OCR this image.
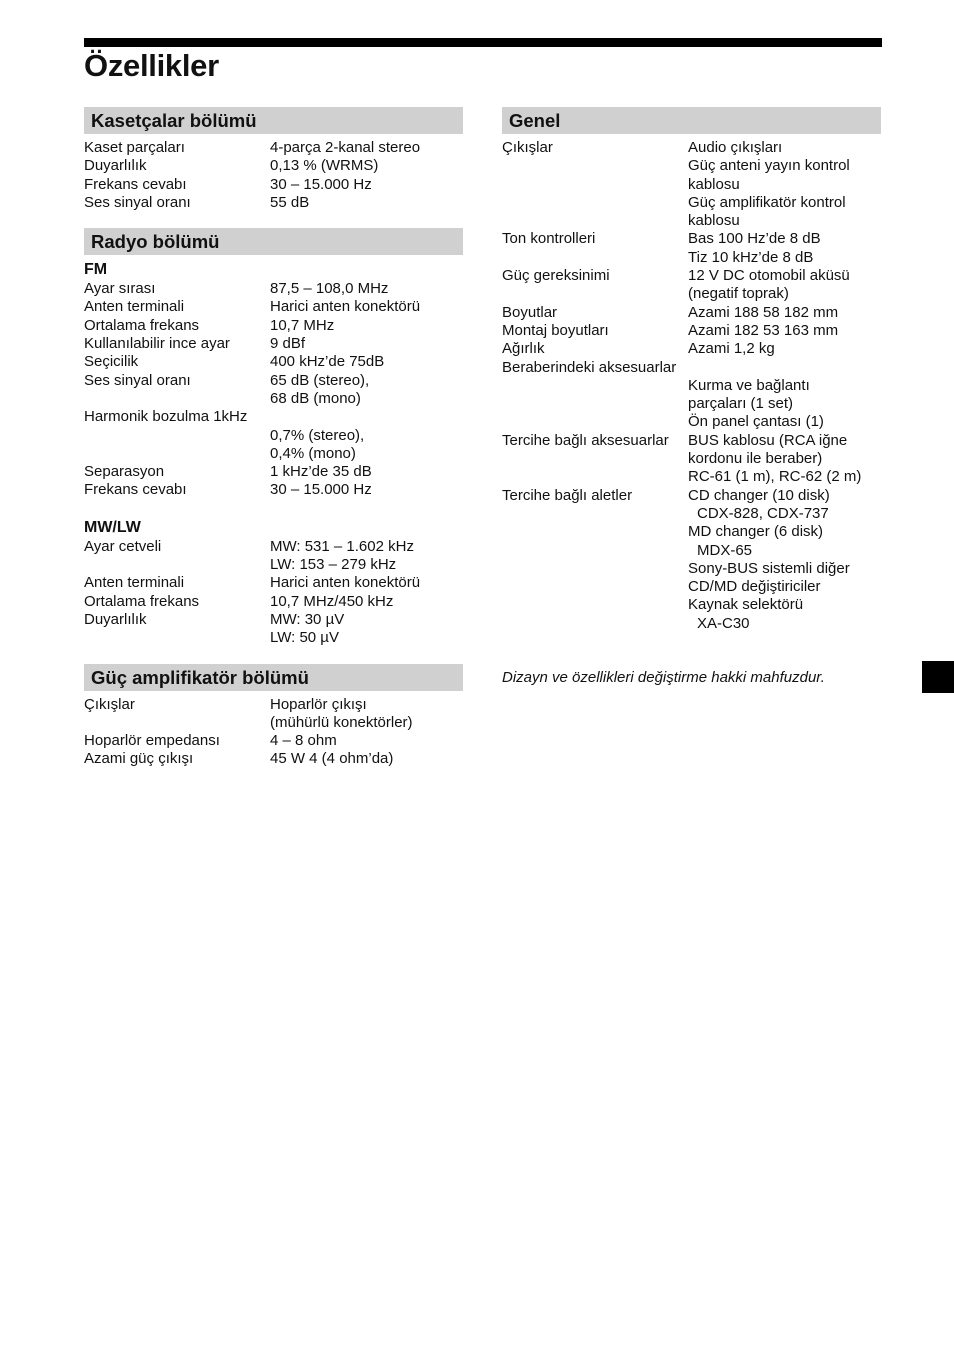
Özellikler
Kasetçalar bölümü
Kaset parçaları	4-parça 2-kanal stereo
Duyarlılık	0,13 % (WRMS)
Frekans cevabı	30 – 15.000 Hz
Ses sinyal oranı	55 dB
Radyo bölümü
FM
Ayar sırası	87,5 – 108,0 MHz
Anten terminali	Harici anten konektörü
Ortalama frekans	10,7 MHz
Kullanılabilir ince ayar	9 dBf
Seçicilik	400 kHz’de 75dB
Ses sinyal oranı	65 dB (stereo),
68 dB (mono)
Harmonik bozulma 1kHz
0,7% (stereo),
0,4% (mono)
Separasyon	1 kHz’de 35 dB
Frekans cevabı	30 – 15.000 Hz
MW/LW
Ayar cetveli	MW: 531 – 1.602 kHz
LW: 153 – 279 kHz
Anten terminali	Harici anten konektörü
Ortalama frekans	10,7 MHz/450 kHz
Duyarlılık	MW: 30 µV
LW: 50 µV
Güç amplifikatör bölümü
Çıkışlar	Hoparlör çıkışı
(mühürlü konektörler)
Hoparlör empedansı	4 – 8 ohm
Azami güç çıkışı	45 W 4 (4 ohm’da)
Genel
Çıkışlar	Audio çıkışları
Güç anteni yayın kontrol
kablosu
Güç amplifikatör kontrol
kablosu
Ton kontrolleri	Bas 100 Hz’de 8 dB
Tiz 10 kHz’de 8 dB
Güç gereksinimi	12 V DC otomobil aküsü
(negatif toprak)
Boyutlar	Azami 188 58 182 mm
Montaj boyutları	Azami 182 53 163 mm
Ağırlık	Azami 1,2 kg
Beraberindeki aksesuarlar
Kurma ve bağlantı
parçaları (1 set)
Ön panel çantası (1)
Tercihe bağlı aksesuarlar	BUS kablosu (RCA iğne
kordonu ile beraber)
RC-61 (1 m), RC-62 (2 m)
Tercihe bağlı aletler	CD changer (10 disk)
CDX-828, CDX-737
MD changer (6 disk)
MDX-65
Sony-BUS sistemli diğer
CD/MD değiştiriciler
Kaynak selektörü
XA-C30
Dizayn ve özellikleri değiştirme hakki mahfuzdur.
